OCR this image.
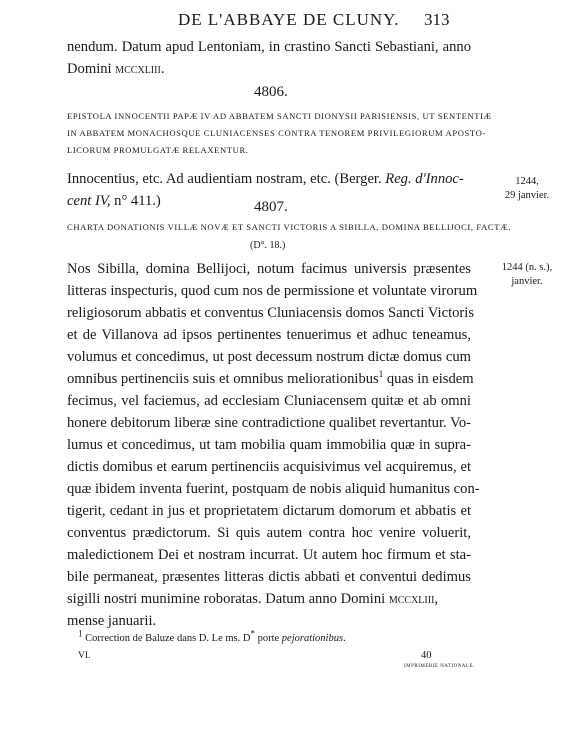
DE L'ABBAYE DE CLUNY. 313
nendum. Datum apud Lentoniam, in crastino Sancti Sebastiani, anno
Domini MCCXLIII.
4806.
EPISTOLA INNOCENTII PAPÆ IV AD ABBATEM SANCTI DIONYSII PARISIENSIS, UT SENTENTIÆ
IN ABBATEM MONACHOSQUE CLUNIACENSES CONTRA TENOREM PRIVILEGIORUM APOSTO-
LICORUM PROMULGATÆ RELAXENTUR.
Innocentius, etc. Ad audientiam nostram, etc. (Berger. Reg. d'Innoc-
cent IV, n° 411.)
1244,
29 janvier.
4807.
CHARTA DONATIONIS VILLÆ NOVÆ ET SANCTI VICTORIS A SIBILLA, DOMINA BELLIJOCI, FACTÆ.
(D°. 18.)
1244 (n. s.),
janvier.
Nos Sibilla, domina Bellijoci, notum facimus universis præsentes
litteras inspecturis, quod cum nos de permissione et voluntate virorum
religiosorum abbatis et conventus Cluniacensis domos Sancti Victoris
et de Villanova ad ipsos pertinentes tenuerimus et adhuc teneamus,
volumus et concedimus, ut post decessum nostrum dictæ domus cum
omnibus pertinenciis suis et omnibus meliorationibus$^1$ quas in eisdem
fecimus, vel faciemus, ad ecclesiam Cluniacensem quitæ et ab omni
honere debitorum liberæ sine contradictione qualibet revertantur. Vo-
lumus et concedimus, ut tam mobilia quam immobilia quæ in supra-
dictis domibus et earum pertinenciis acquisivimus vel acquiremus, et
quæ ibidem inventa fuerint, postquam de nobis aliquid humanitus con-
tigerit, cedant in jus et proprietatem dictarum domorum et abbatis et
conventus prædictorum. Si quis autem contra hoc venire voluerit,
maledictionem Dei et nostram incurrat. Ut autem hoc firmum et sta-
bile permaneat, præsentes litteras dictis abbati et conventui dedimus
sigilli nostri munimine roboratas. Datum anno Domini MCCXLIII,
1 Correction de Baluze dans D. Le ms. D* porte pejorationibus.
VI.	40
IMPRIMERIE NATIONALE.
mense januarii.
